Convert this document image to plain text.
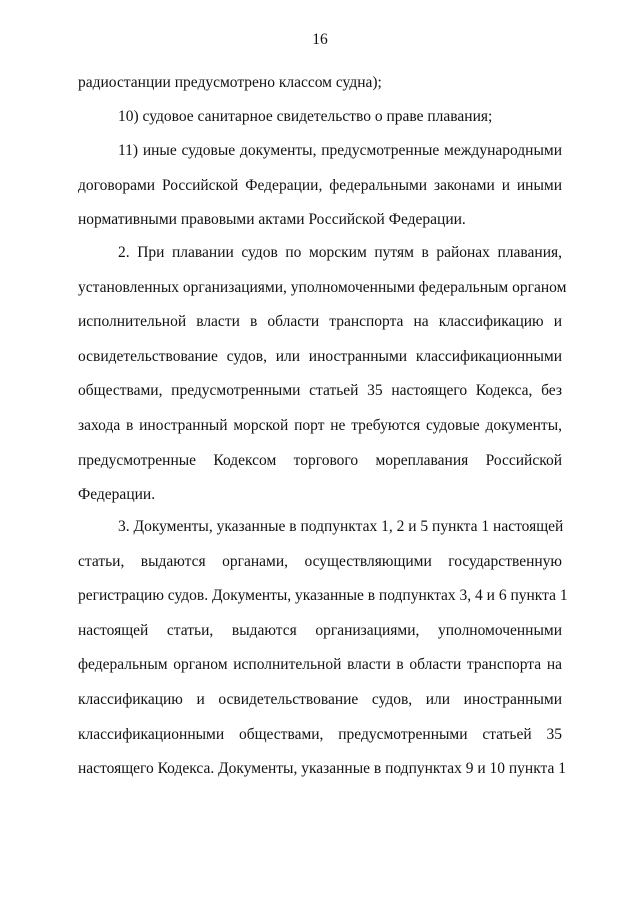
16
радиостанции предусмотрено классом судна);
10) судовое санитарное свидетельство о праве плавания;
11) иные судовые документы, предусмотренные международными
договорами Российской Федерации, федеральными законами и иными
нормативными правовыми актами Российской Федерации.
2. При плавании судов по морским путям в районах плавания,
установленных организациями, уполномоченными федеральным органом
исполнительной власти в области транспорта на классификацию и
освидетельствование судов, или иностранными классификационными
обществами, предусмотренными статьей 35 настоящего Кодекса, без
захода в иностранный морской порт не требуются судовые документы,
предусмотренные Кодексом торгового мореплавания Российской
Федерации.
3. Документы, указанные в подпунктах 1, 2 и 5 пункта 1 настоящей
статьи, выдаются органами, осуществляющими государственную
регистрацию судов. Документы, указанные в подпунктах 3, 4 и 6 пункта 1
настоящей статьи, выдаются организациями, уполномоченными
федеральным органом исполнительной власти в области транспорта на
классификацию и освидетельствование судов, или иностранными
классификационными обществами, предусмотренными статьей 35
настоящего Кодекса. Документы, указанные в подпунктах 9 и 10 пункта 1
